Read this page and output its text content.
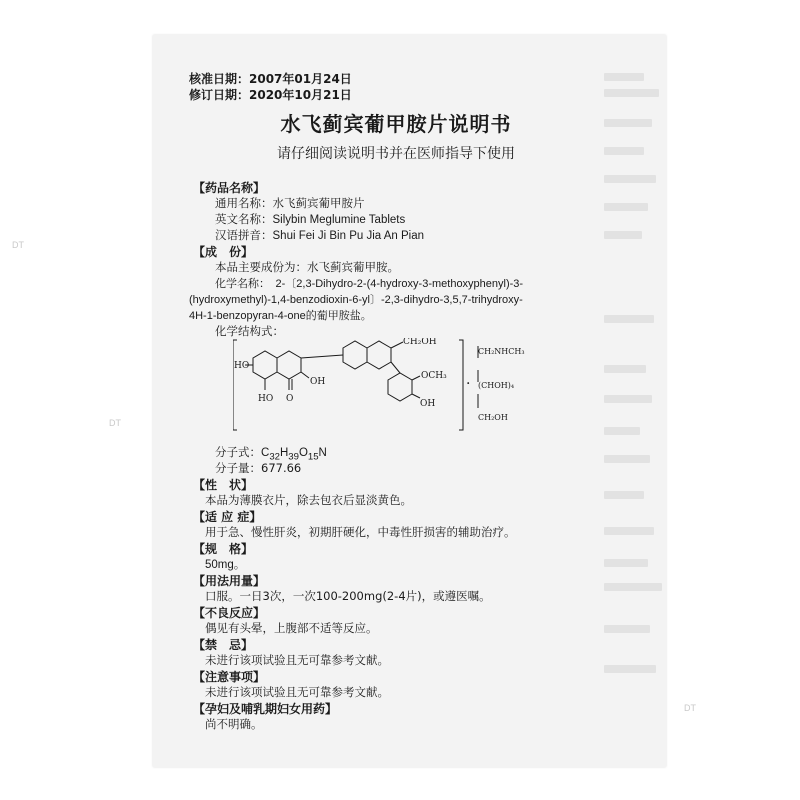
DT
DT
DT
核准日期：2007年01月24日
修订日期：2020年10月21日
水飞蓟宾葡甲胺片说明书
请仔细阅读说明书并在医师指导下使用
【药品名称】
通用名称：水飞蓟宾葡甲胺片
英文名称：Silybin Meglumine Tablets
汉语拼音：Shui Fei Ji Bin Pu Jia An Pian
【成　份】
本品主要成份为：水飞蓟宾葡甲胺。
化学名称：　2-〔2,3-Dihydro-2-(4-hydroxy-3-methoxyphenyl)-3-
(hydroxymethyl)-1,4-benzodioxin-6-yl〕-2,3-dihydro-3,5,7-trihydroxy-
4H-1-benzopyran-4-one的葡甲胺盐。
化学结构式：
HO
HO O
OH
CH₂OH
OCH₃
OH
·
CH₂NHCH₃
(CHOH)₄
CH₂OH
分子式：$C_{32}H_{39}O_{15}N$
分子量：677.66
【性　状】
本品为薄膜衣片，除去包衣后显淡黄色。
【适 应 症】
用于急、慢性肝炎，初期肝硬化，中毒性肝损害的辅助治疗。
【规　格】
50mg。
【用法用量】
口服。一日3次，一次100-200mg(2-4片)，或遵医嘱。
【不良反应】
偶见有头晕，上腹部不适等反应。
【禁　忌】
未进行该项试验且无可靠参考文献。
【注意事项】
未进行该项试验且无可靠参考文献。
【孕妇及哺乳期妇女用药】
尚不明确。
